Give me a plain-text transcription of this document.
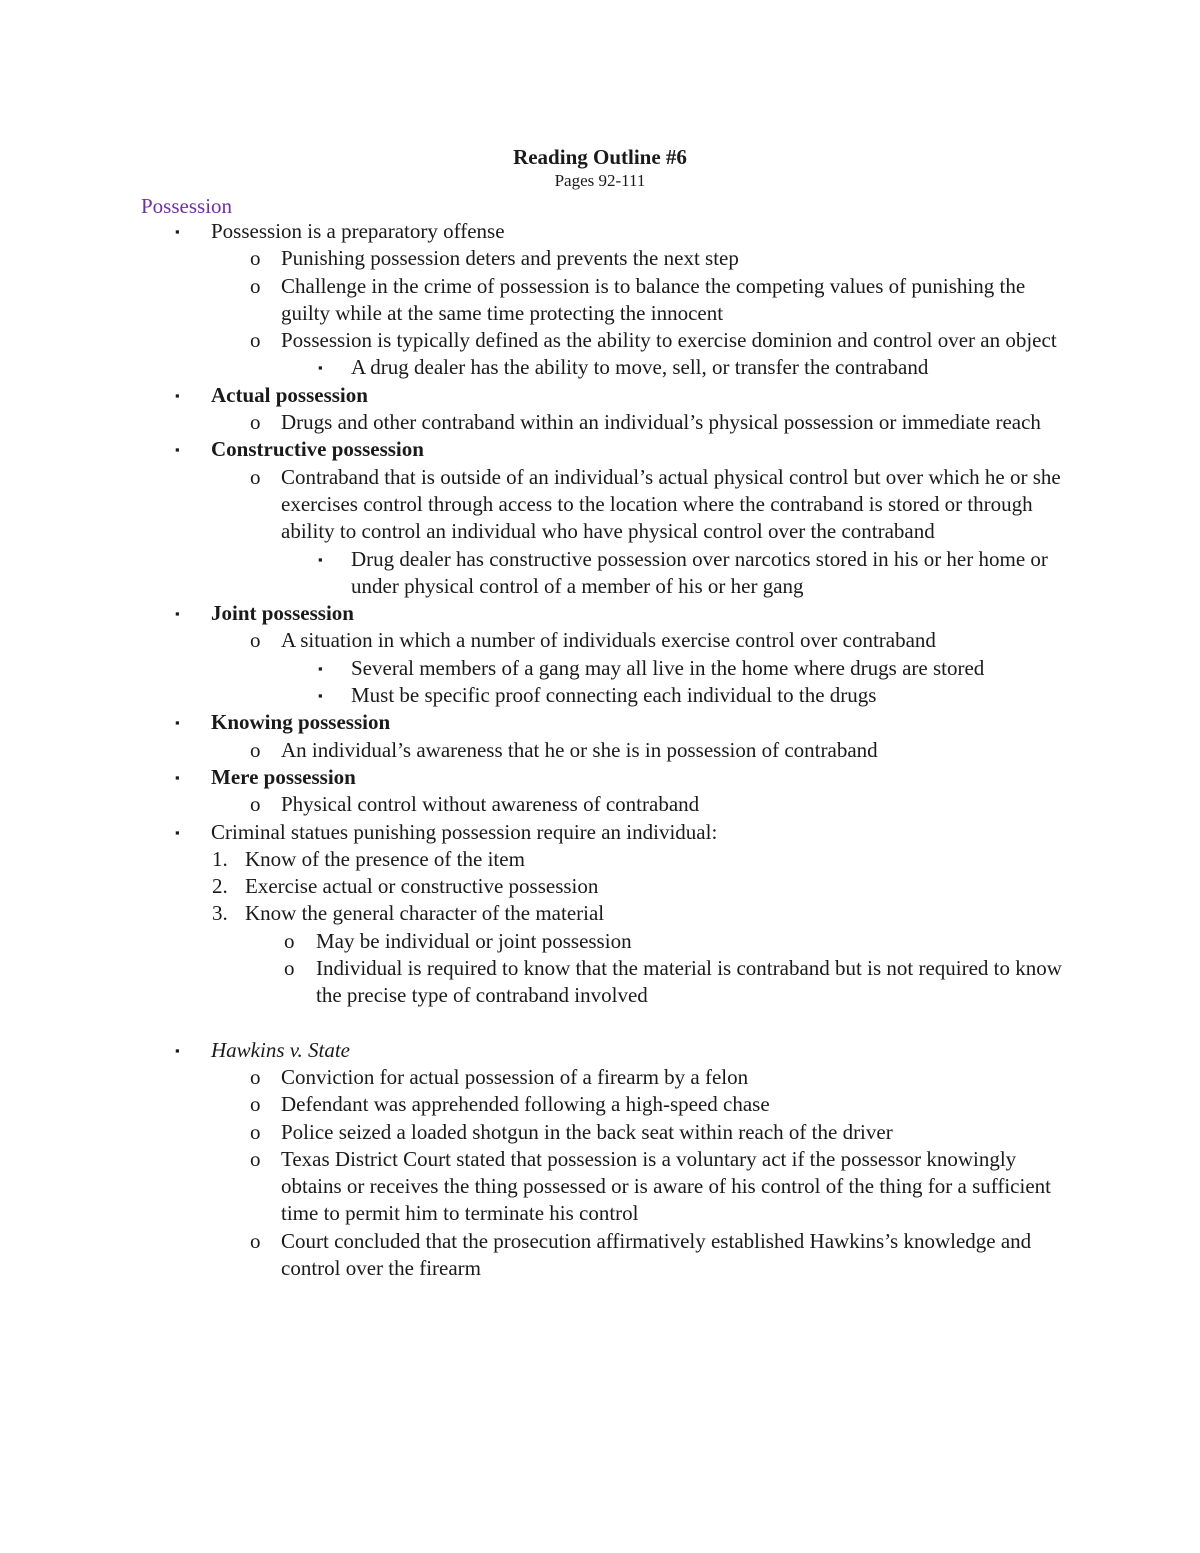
Reading Outline #6
Pages 92-111
Possession
▪ Possession is a preparatory offense
o Punishing possession deters and prevents the next step
o Challenge in the crime of possession is to balance the competing values of punishing the guilty while at the same time protecting the innocent
o Possession is typically defined as the ability to exercise dominion and control over an object
▪ A drug dealer has the ability to move, sell, or transfer the contraband
▪ Actual possession
o Drugs and other contraband within an individual’s physical possession or immediate reach
▪ Constructive possession
o Contraband that is outside of an individual’s actual physical control but over which he or she exercises control through access to the location where the contraband is stored or through ability to control an individual who have physical control over the contraband
▪ Drug dealer has constructive possession over narcotics stored in his or her home or under physical control of a member of his or her gang
▪ Joint possession
o A situation in which a number of individuals exercise control over contraband
▪ Several members of a gang may all live in the home where drugs are stored
▪ Must be specific proof connecting each individual to the drugs
▪ Knowing possession
o An individual’s awareness that he or she is in possession of contraband
▪ Mere possession
o Physical control without awareness of contraband
▪ Criminal statues punishing possession require an individual:
1. Know of the presence of the item
2. Exercise actual or constructive possession
3. Know the general character of the material
o May be individual or joint possession
o Individual is required to know that the material is contraband but is not required to know the precise type of contraband involved
▪ Hawkins v. State
o Conviction for actual possession of a firearm by a felon
o Defendant was apprehended following a high-speed chase
o Police seized a loaded shotgun in the back seat within reach of the driver
o Texas District Court stated that possession is a voluntary act if the possessor knowingly obtains or receives the thing possessed or is aware of his control of the thing for a sufficient time to permit him to terminate his control
o Court concluded that the prosecution affirmatively established Hawkins’s knowledge and control over the firearm
